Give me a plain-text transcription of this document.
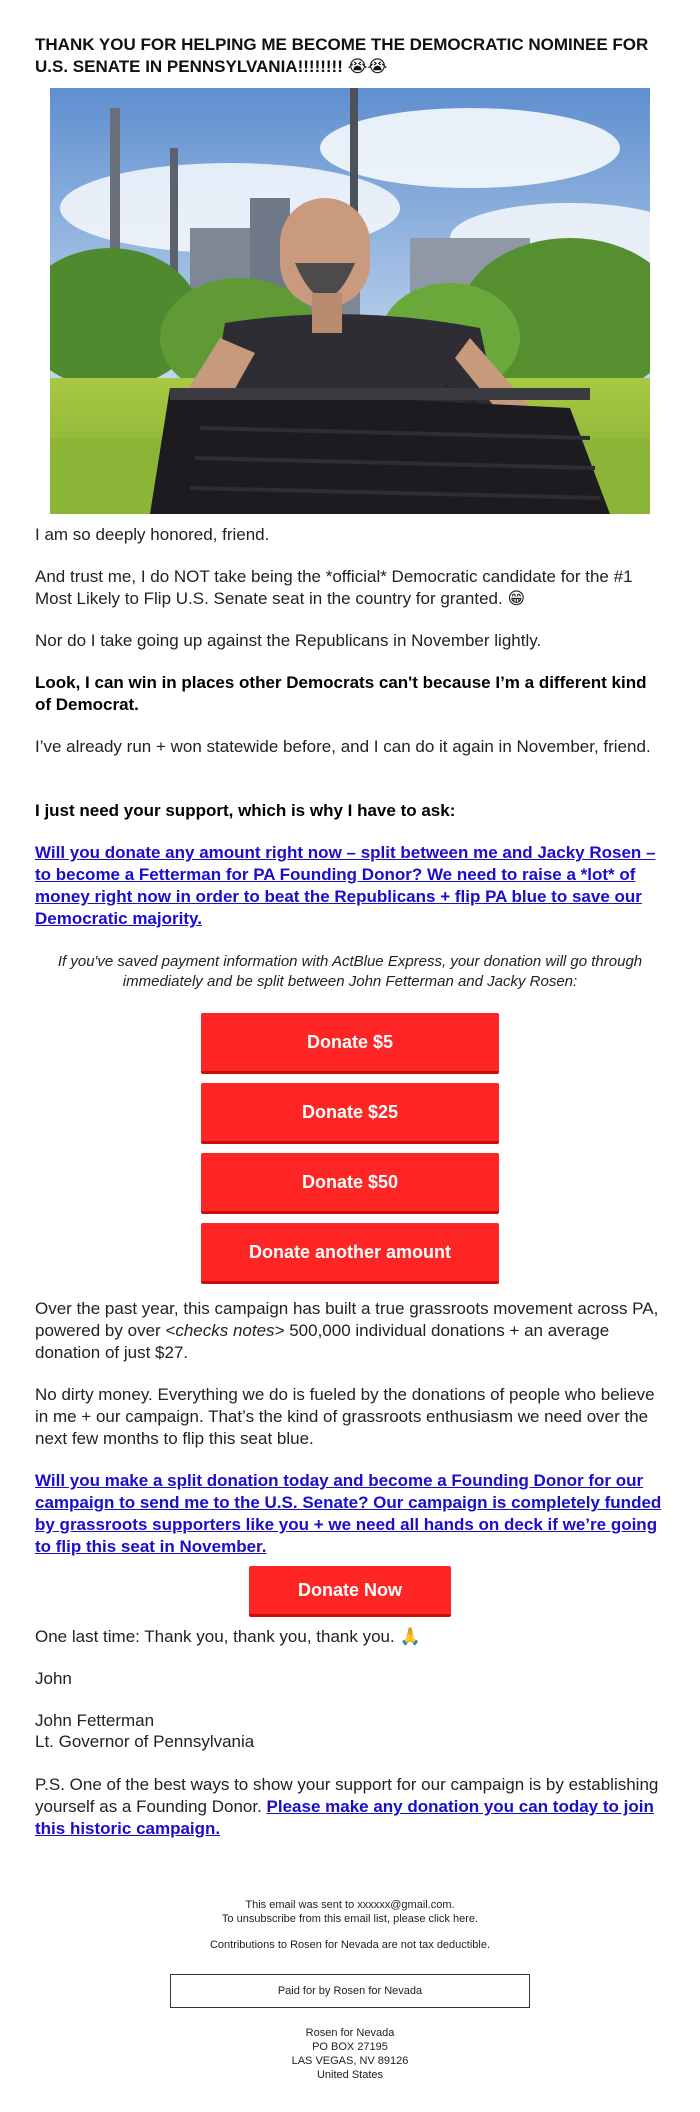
THANK YOU FOR HELPING ME BECOME THE DEMOCRATIC NOMINEE FOR U.S. SENATE IN PENNSYLVANIA!!!!!!!! 😭😭

I am so deeply honored, friend.

And trust me, I do NOT take being the *official* Democratic candidate for the #1 Most Likely to Flip U.S. Senate seat in the country for granted. 😁

Nor do I take going up against the Republicans in November lightly.

Look, I can win in places other Democrats can't because I’m a different kind of Democrat.

I’ve already run + won statewide before, and I can do it again in November, friend.

I just need your support, which is why I have to ask:

Will you donate any amount right now – split between me and Jacky Rosen – to become a Fetterman for PA Founding Donor? We need to raise a *lot* of money right now in order to beat the Republicans + flip PA blue to save our Democratic majority.

If you've saved payment information with ActBlue Express, your donation will go through immediately and be split between John Fetterman and Jacky Rosen:

Donate $5
Donate $25
Donate $50
Donate another amount

Over the past year, this campaign has built a true grassroots movement across PA, powered by over <checks notes> 500,000 individual donations + an average donation of just $27.

No dirty money. Everything we do is fueled by the donations of people who believe in me + our campaign. That’s the kind of grassroots enthusiasm we need over the next few months to flip this seat blue.

Will you make a split donation today and become a Founding Donor for our campaign to send me to the U.S. Senate? Our campaign is completely funded by grassroots supporters like you + we need all hands on deck if we’re going to flip this seat in November.

Donate Now

One last time: Thank you, thank you, thank you. 🙏

John

John Fetterman

Lt. Governor of Pennsylvania

P.S. One of the best ways to show your support for our campaign is by establishing yourself as a Founding Donor. Please make any donation you can today to join this historic campaign.

This email was sent to xxxxxx@gmail.com.

To unsubscribe from this email list, please click here.

Contributions to Rosen for Nevada are not tax deductible.

Paid for by Rosen for Nevada

Rosen for Nevada

PO BOX 27195

LAS VEGAS, NV 89126

United States
